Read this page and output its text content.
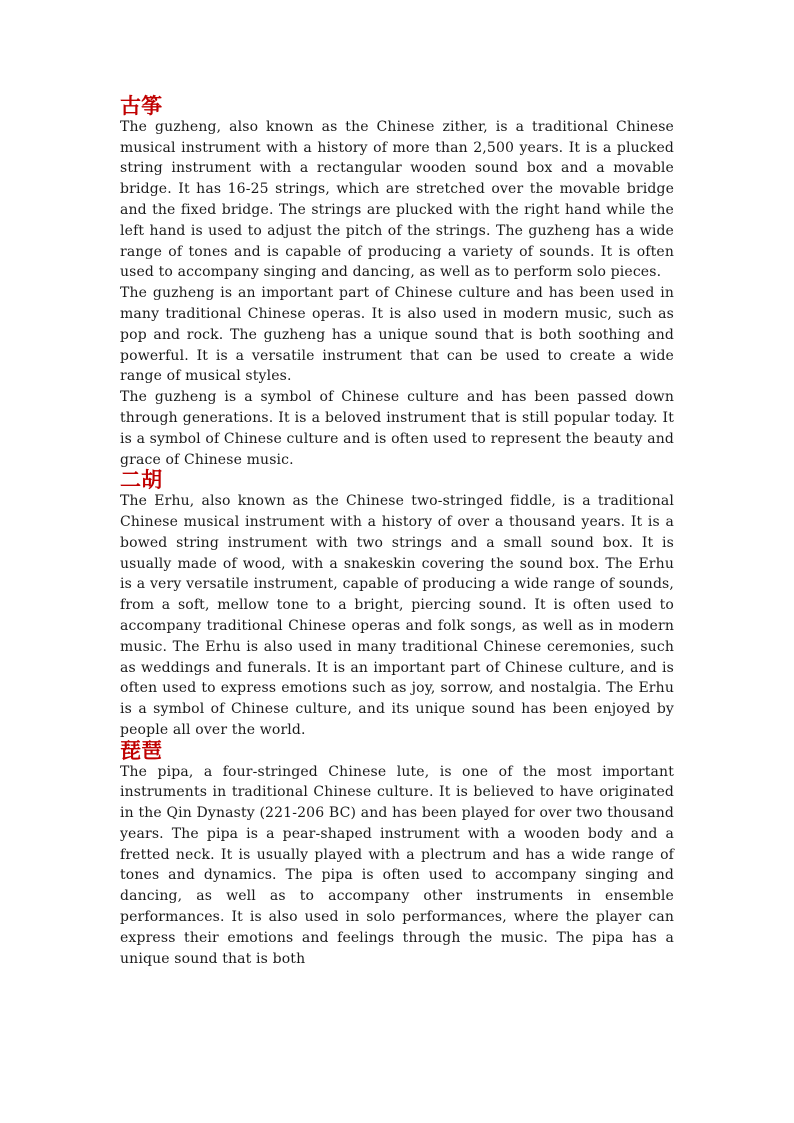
古筝

The guzheng, also known as the Chinese zither, is a traditional Chinese musical instrument with a history of more than 2,500 years. It is a plucked string instrument with a rectangular wooden sound box and a movable bridge. It has 16-25 strings, which are stretched over the movable bridge and the fixed bridge. The strings are plucked with the right hand while the left hand is used to adjust the pitch of the strings. The guzheng has a wide range of tones and is capable of producing a variety of sounds. It is often used to accompany singing and dancing, as well as to perform solo pieces.

The guzheng is an important part of Chinese culture and has been used in many traditional Chinese operas. It is also used in modern music, such as pop and rock. The guzheng has a unique sound that is both soothing and powerful. It is a versatile instrument that can be used to create a wide range of musical styles.

The guzheng is a symbol of Chinese culture and has been passed down through generations. It is a beloved instrument that is still popular today. It is a symbol of Chinese culture and is often used to represent the beauty and grace of Chinese music.

二胡

The Erhu, also known as the Chinese two-stringed fiddle, is a traditional Chinese musical instrument with a history of over a thousand years. It is a bowed string instrument with two strings and a small sound box. It is usually made of wood, with a snakeskin covering the sound box. The Erhu is a very versatile instrument, capable of producing a wide range of sounds, from a soft, mellow tone to a bright, piercing sound. It is often used to accompany traditional Chinese operas and folk songs, as well as in modern music. The Erhu is also used in many traditional Chinese ceremonies, such as weddings and funerals. It is an important part of Chinese culture, and is often used to express emotions such as joy, sorrow, and nostalgia. The Erhu is a symbol of Chinese culture, and its unique sound has been enjoyed by people all over the world.

琵琶

The pipa, a four-stringed Chinese lute, is one of the most important instruments in traditional Chinese culture. It is believed to have originated in the Qin Dynasty (221-206 BC) and has been played for over two thousand years. The pipa is a pear-shaped instrument with a wooden body and a fretted neck. It is usually played with a plectrum and has a wide range of tones and dynamics. The pipa is often used to accompany singing and dancing, as well as to accompany other instruments in ensemble performances. It is also used in solo performances, where the player can express their emotions and feelings through the music. The pipa has a unique sound that is both
